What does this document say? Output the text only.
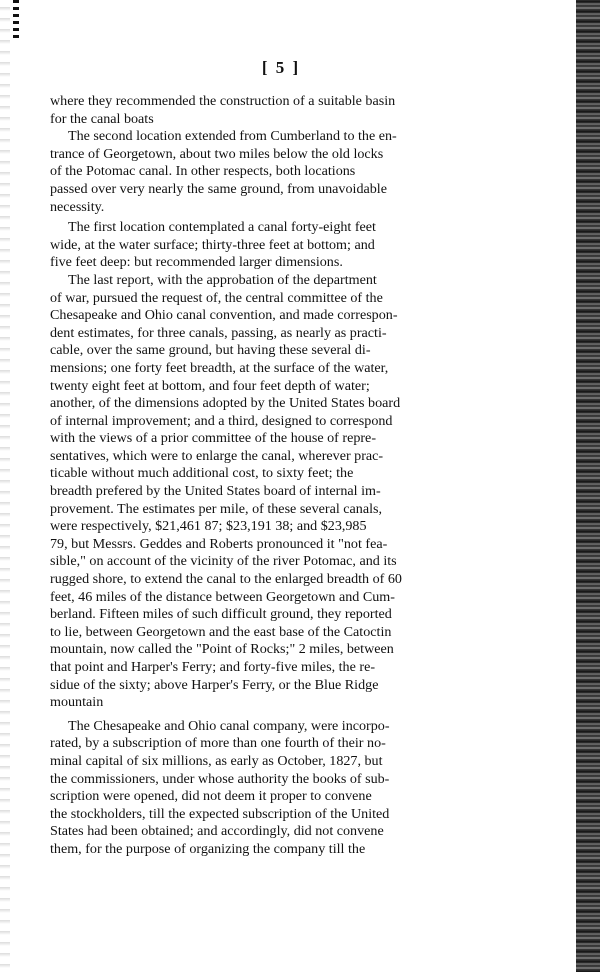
[ 5 ]
where they recommended the construction of a suitable basin
for the canal boats
The second location extended from Cumberland to the en-
trance of Georgetown, about two miles below the old locks
of the Potomac canal. In other respects, both locations
passed over very nearly the same ground, from unavoidable
necessity.
The first location contemplated a canal forty-eight feet
wide, at the water surface; thirty-three feet at bottom; and
five feet deep: but recommended larger dimensions.
The last report, with the approbation of the department
of war, pursued the request of, the central committee of the
Chesapeake and Ohio canal convention, and made correspon-
dent estimates, for three canals, passing, as nearly as practi-
cable, over the same ground, but having these several di-
mensions; one forty feet breadth, at the surface of the water,
twenty eight feet at bottom, and four feet depth of water;
another, of the dimensions adopted by the United States board
of internal improvement; and a third, designed to correspond
with the views of a prior committee of the house of repre-
sentatives, which were to enlarge the canal, wherever prac-
ticable without much additional cost, to sixty feet; the
breadth prefered by the United States board of internal im-
provement. The estimates per mile, of these several canals,
were respectively, $21,461 87; $23,191 38; and $23,985
79, but Messrs. Geddes and Roberts pronounced it "not fea-
sible," on account of the vicinity of the river Potomac, and its
rugged shore, to extend the canal to the enlarged breadth of 60
feet, 46 miles of the distance between Georgetown and Cum-
berland. Fifteen miles of such difficult ground, they reported
to lie, between Georgetown and the east base of the Catoctin
mountain, now called the "Point of Rocks;" 2 miles, between
that point and Harper's Ferry; and forty-five miles, the re-
sidue of the sixty; above Harper's Ferry, or the Blue Ridge
mountain
The Chesapeake and Ohio canal company, were incorpo-
rated, by a subscription of more than one fourth of their no-
minal capital of six millions, as early as October, 1827, but
the commissioners, under whose authority the books of sub-
scription were opened, did not deem it proper to convene
the stockholders, till the expected subscription of the United
States had been obtained; and accordingly, did not convene
them, for the purpose of organizing the company till the
